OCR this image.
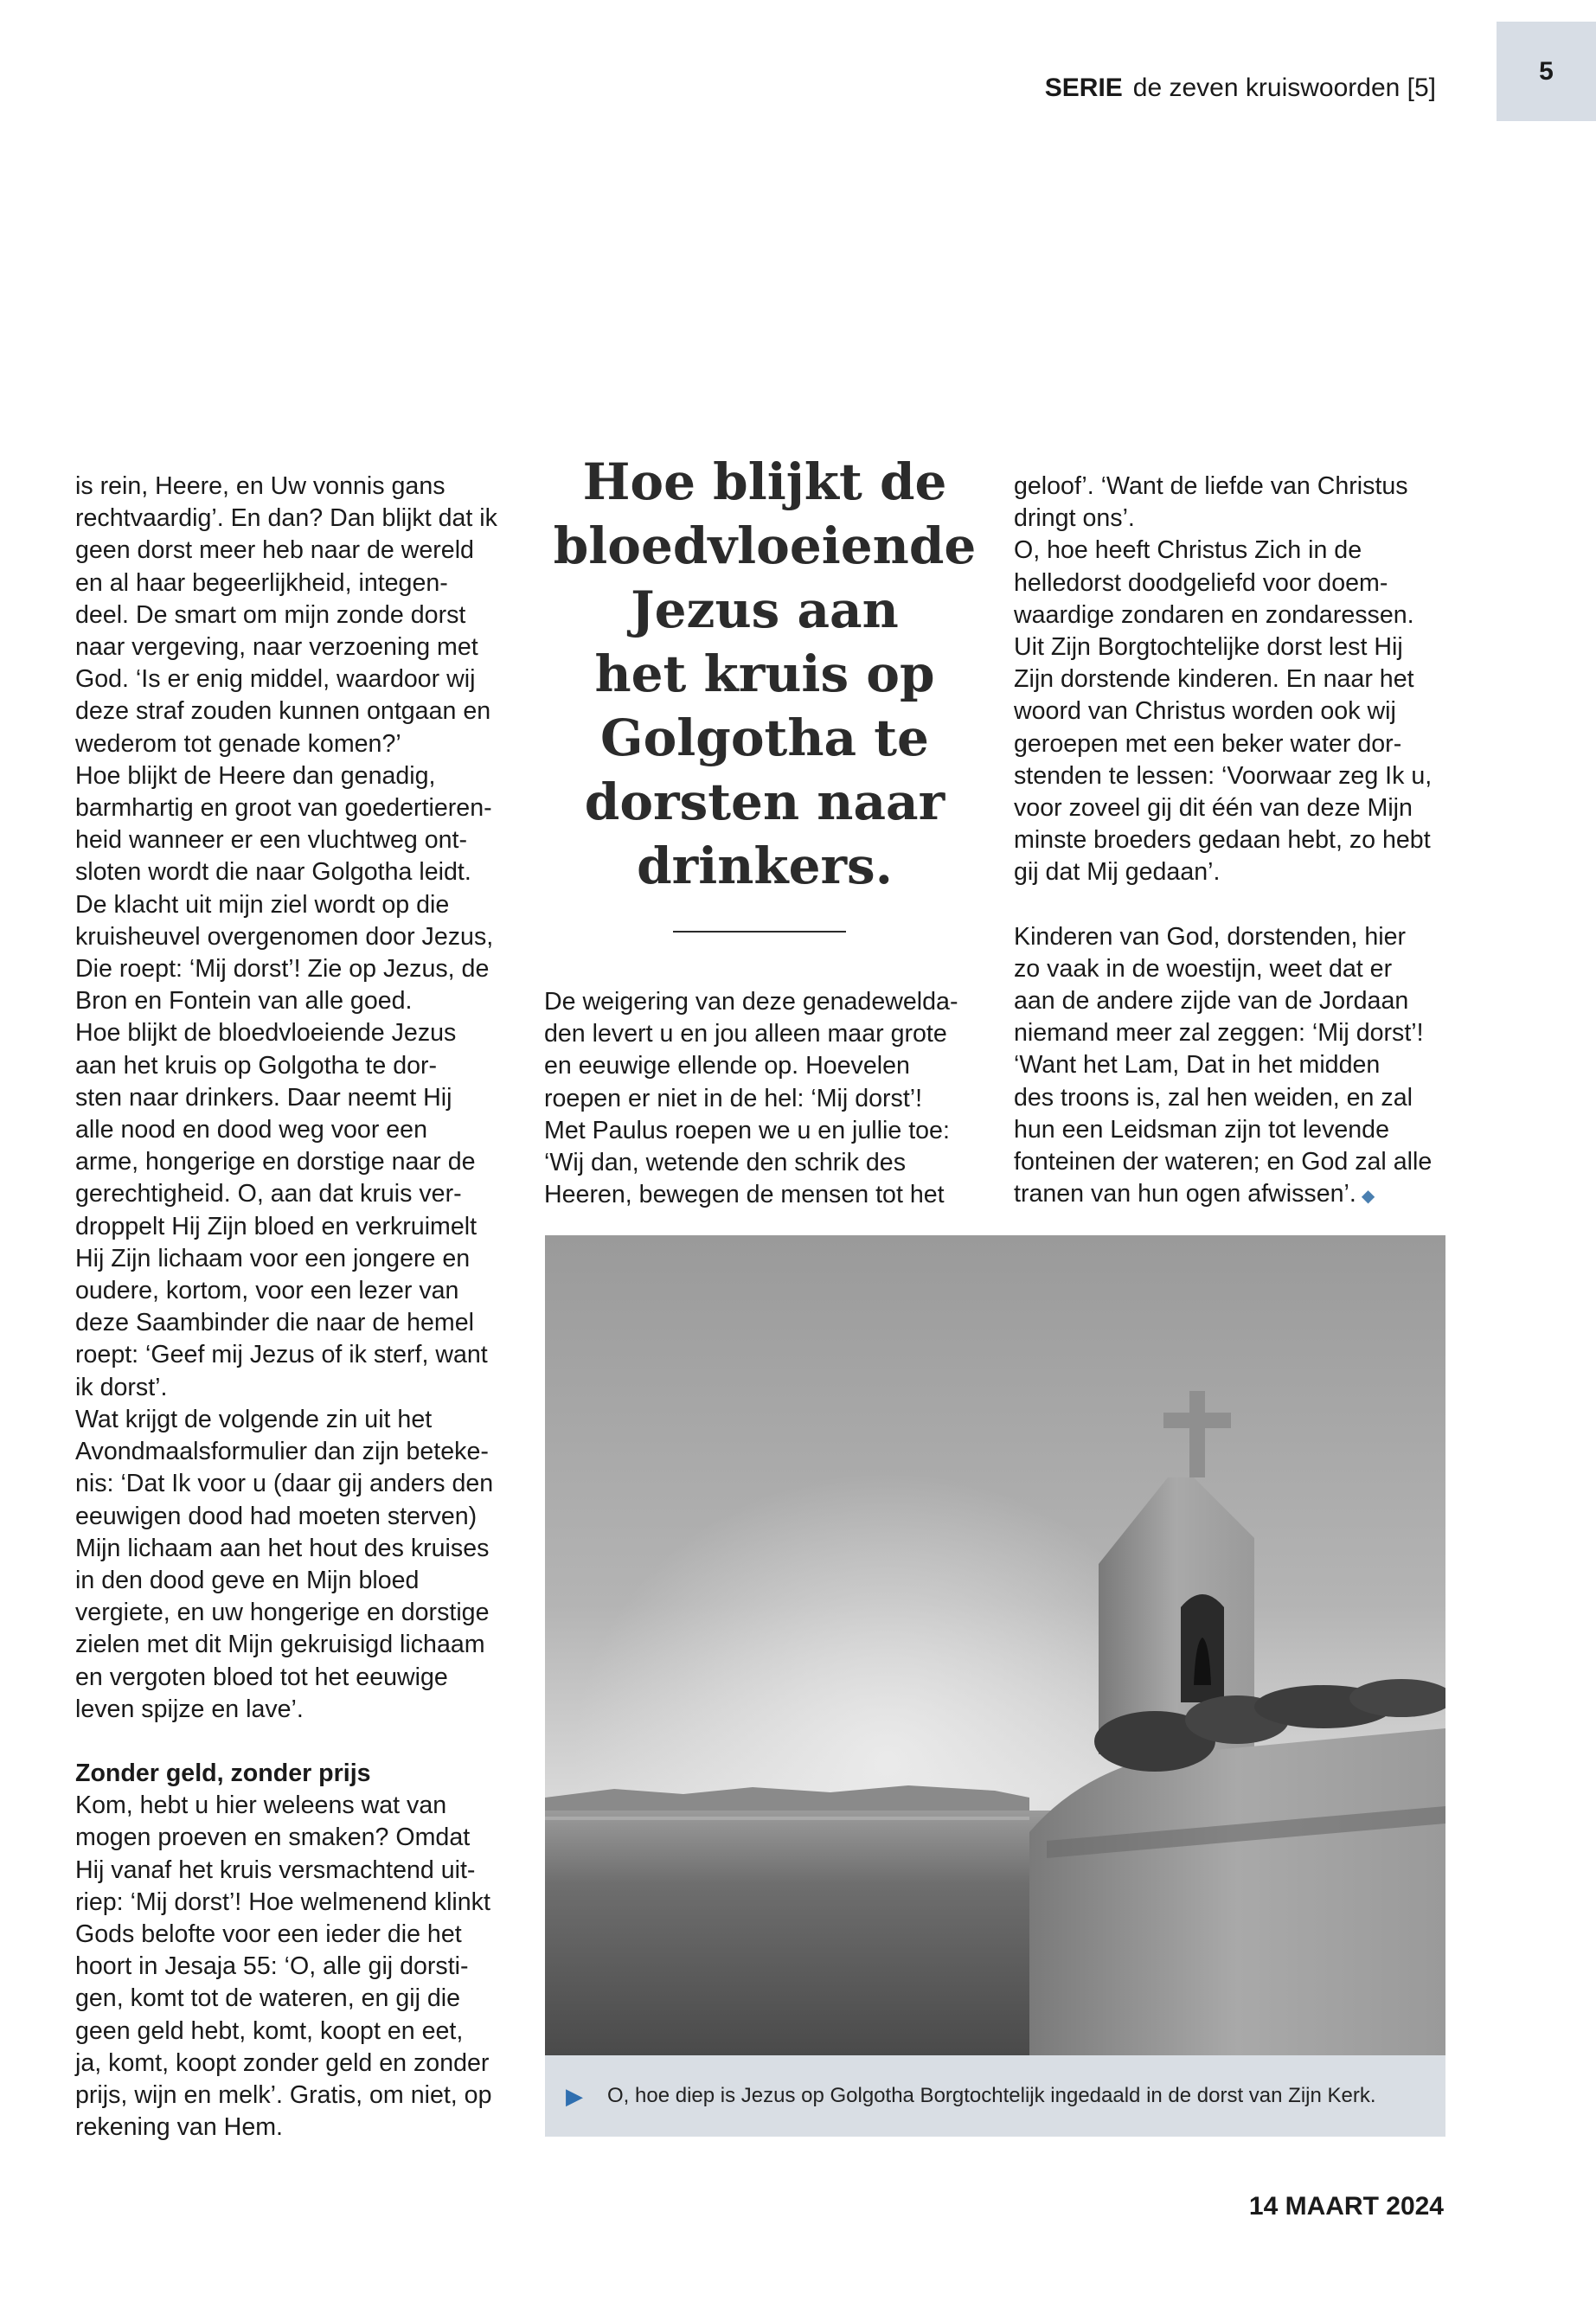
SERIE de zeven kruiswoorden [5]
5

is rein, Heere, en Uw vonnis gans

rechtvaardig’. En dan? Dan blijkt dat ik

geen dorst meer heb naar de wereld

en al haar begeerlijkheid, integen-

deel. De smart om mijn zonde dorst

naar vergeving, naar verzoening met

God. ‘Is er enig middel, waardoor wij

deze straf zouden kunnen ontgaan en

wederom tot genade komen?’

Hoe blijkt de Heere dan genadig,

barmhartig en groot van goedertieren-

heid wanneer er een vluchtweg ont-

sloten wordt die naar Golgotha leidt.

De klacht uit mijn ziel wordt op die

kruisheuvel overgenomen door Jezus,

Die roept: ‘Mij dorst’! Zie op Jezus, de

Bron en Fontein van alle goed.

Hoe blijkt de bloedvloeiende Jezus

aan het kruis op Golgotha te dor-

sten naar drinkers. Daar neemt Hij

alle nood en dood weg voor een

arme, hongerige en dorstige naar de

gerechtigheid. O, aan dat kruis ver-

droppelt Hij Zijn bloed en verkruimelt

Hij Zijn lichaam voor een jongere en

oudere, kortom, voor een lezer van

deze Saambinder die naar de hemel

roept: ‘Geef mij Jezus of ik sterf, want

ik dorst’.

Wat krijgt de volgende zin uit het

Avondmaalsformulier dan zijn beteke-

nis: ‘Dat Ik voor u (daar gij anders den

eeuwigen dood had moeten sterven)

Mijn lichaam aan het hout des kruises

in den dood geve en Mijn bloed

vergiete, en uw hongerige en dorstige

zielen met dit Mijn gekruisigd lichaam

en vergoten bloed tot het eeuwige

leven spijze en lave’.

Zonder geld, zonder prijs

Kom, hebt u hier weleens wat van

mogen proeven en smaken? Omdat

Hij vanaf het kruis versmachtend uit-

riep: ‘Mij dorst’! Hoe welmenend klinkt

Gods belofte voor een ieder die het

hoort in Jesaja 55: ‘O, alle gij dorsti-

gen, komt tot de wateren, en gij die

geen geld hebt, komt, koopt en eet,

ja, komt, koopt zonder geld en zonder

prijs, wijn en melk’. Gratis, om niet, op

rekening van Hem.

Hoe blijkt de
bloedvloeiende
Jezus aan
het kruis op
Golgotha te
dorsten naar
drinkers.

De weigering van deze genadewelda-

den levert u en jou alleen maar grote

en eeuwige ellende op. Hoevelen

roepen er niet in de hel: ‘Mij dorst’!

Met Paulus roepen we u en jullie toe:

‘Wij dan, wetende den schrik des

Heeren, bewegen de mensen tot het

geloof’. ‘Want de liefde van Christus

dringt ons’.

O, hoe heeft Christus Zich in de

helledorst doodgeliefd voor doem-

waardige zondaren en zondaressen.

Uit Zijn Borgtochtelijke dorst lest Hij

Zijn dorstende kinderen. En naar het

woord van Christus worden ook wij

geroepen met een beker water dor-

stenden te lessen: ‘Voorwaar zeg Ik u,

voor zoveel gij dit één van deze Mijn

minste broeders gedaan hebt, zo hebt

gij dat Mij gedaan’.

Kinderen van God, dorstenden, hier

zo vaak in de woestijn, weet dat er

aan de andere zijde van de Jordaan

niemand meer zal zeggen: ‘Mij dorst’!

‘Want het Lam, Dat in het midden

des troons is, zal hen weiden, en zal

hun een Leidsman zijn tot levende

fonteinen der wateren; en God zal alle

tranen van hun ogen afwissen’. ◆

▶ O, hoe diep is Jezus op Golgotha Borgtochtelijk ingedaald in de dorst van Zijn Kerk.
14 MAART 2024
